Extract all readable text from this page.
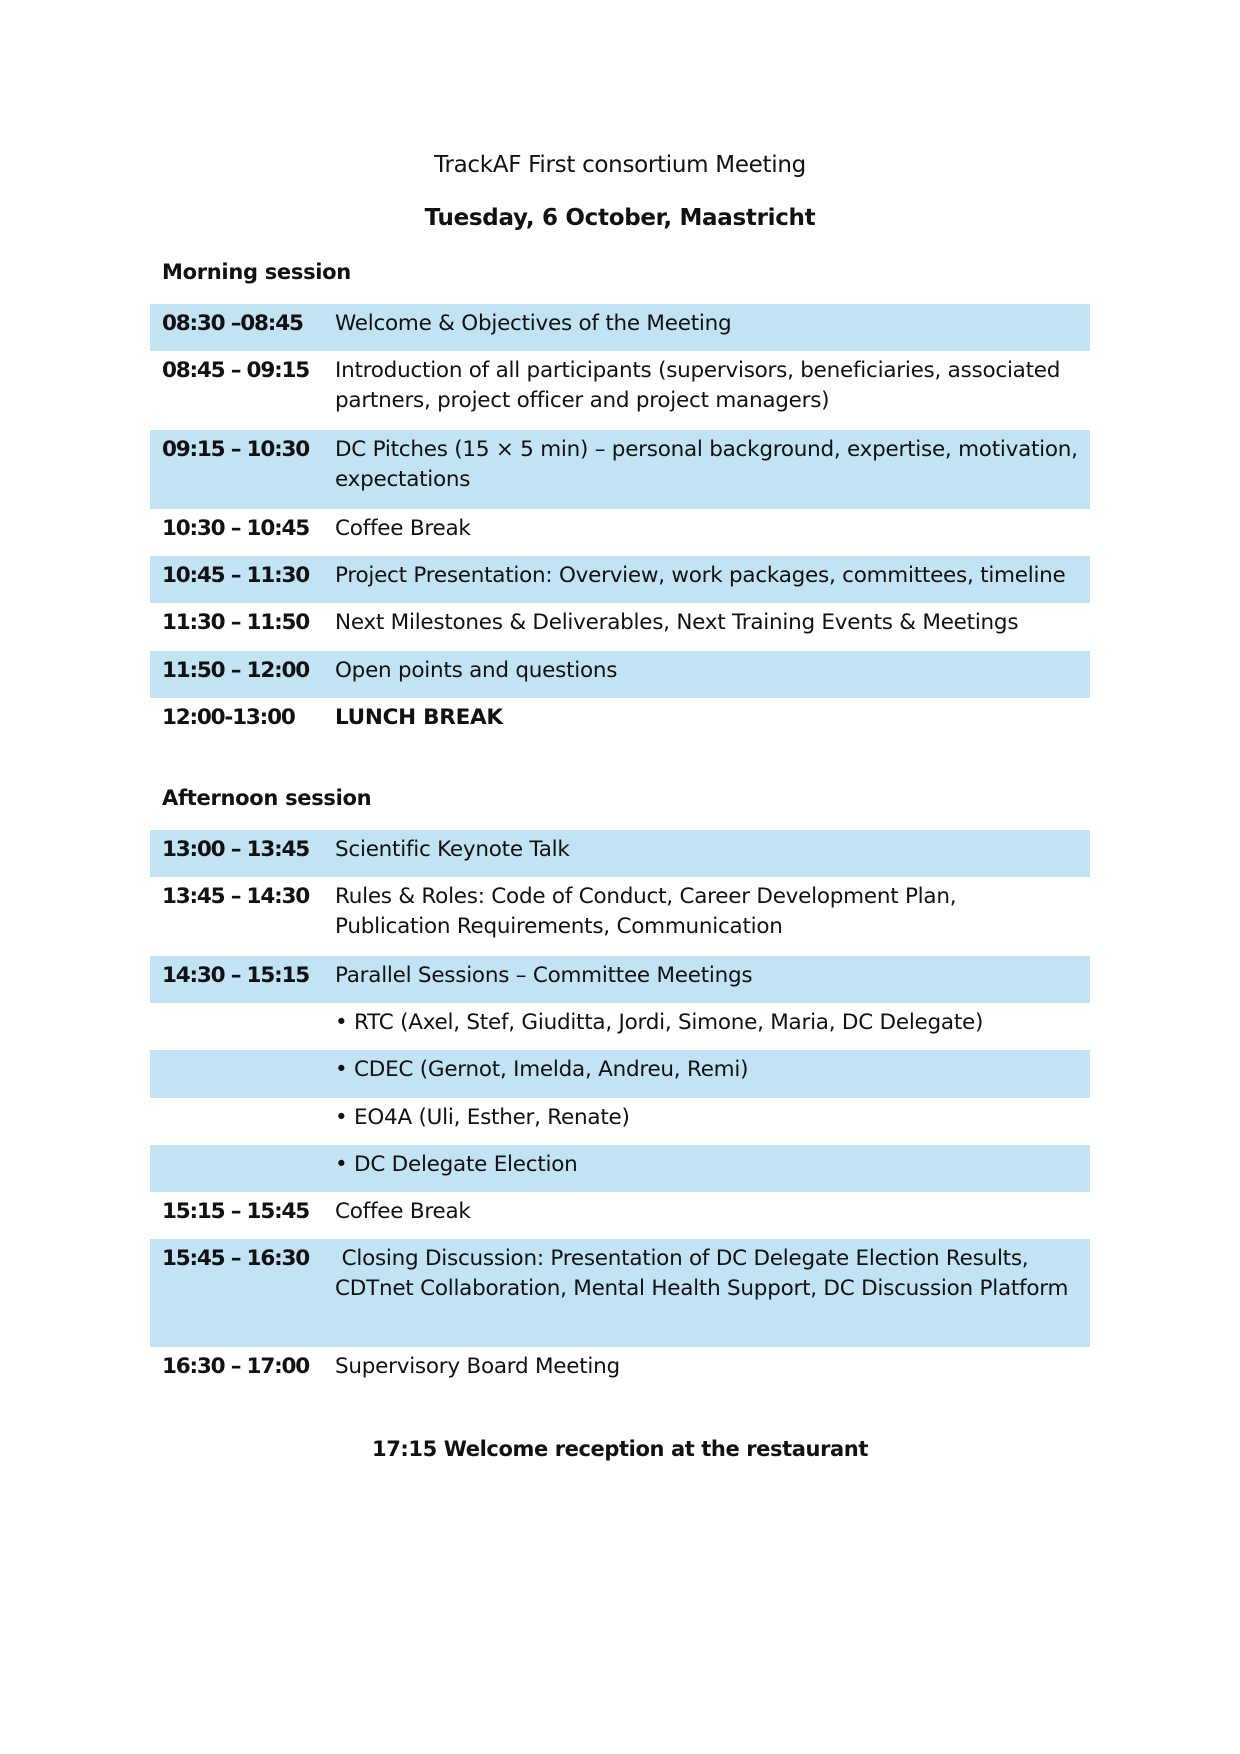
TrackAF First consortium Meeting
Tuesday, 6 October, Maastricht
Morning session
08:30 –08:45	Welcome & Objectives of the Meeting
08:45 – 09:15	Introduction of all participants (supervisors, beneficiaries, associated partners, project officer and project managers)
09:15 – 10:30	DC Pitches (15 × 5 min) – personal background, expertise, motivation, expectations
10:30 – 10:45	Coffee Break
10:45 – 11:30	Project Presentation: Overview, work packages, committees, timeline
11:30 – 11:50	Next Milestones & Deliverables, Next Training Events & Meetings
11:50 – 12:00	Open points and questions
12:00-13:00	LUNCH BREAK
Afternoon session
13:00 – 13:45	Scientific Keynote Talk
13:45 – 14:30	Rules & Roles: Code of Conduct, Career Development Plan, Publication Requirements, Communication
14:30 – 15:15	Parallel Sessions – Committee Meetings
• RTC (Axel, Stef, Giuditta, Jordi, Simone, Maria, DC Delegate)
• CDEC (Gernot, Imelda, Andreu, Remi)
• EO4A (Uli, Esther, Renate)
• DC Delegate Election
15:15 – 15:45	Coffee Break
15:45 – 16:30	Closing Discussion: Presentation of DC Delegate Election Results, CDTnet Collaboration, Mental Health Support, DC Discussion Platform
16:30 – 17:00	Supervisory Board Meeting

17:15 Welcome reception at the restaurant
